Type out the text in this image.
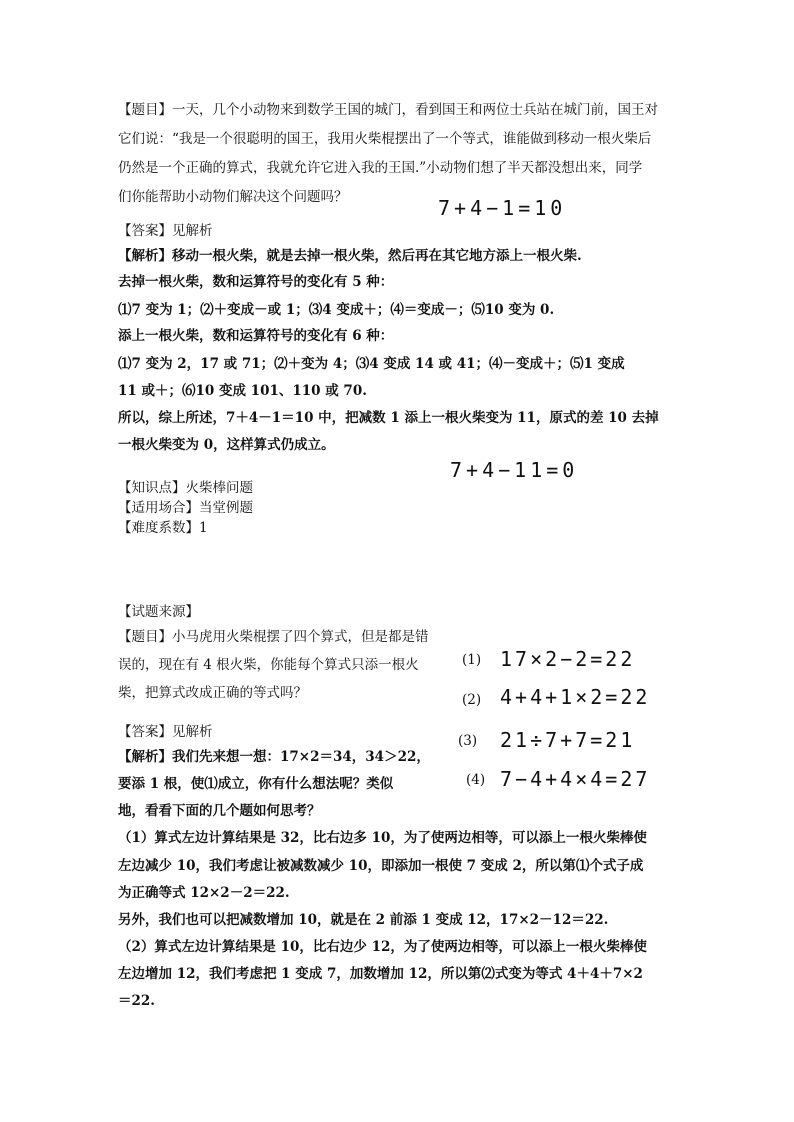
【题目】一天，几个小动物来到数学王国的城门，看到国王和两位士兵站在城门前，国王对
它们说：“我是一个很聪明的国王，我用火柴棍摆出了一个等式，谁能做到移动一根火柴后
仍然是一个正确的算式，我就允许它进入我的王国.”小动物们想了半天都没想出来，同学
们你能帮助小动物们解决这个问题吗？	7+4−1=10
【答案】见解析
【解析】移动一根火柴，就是去掉一根火柴，然后再在其它地方添上一根火柴.
去掉一根火柴，数和运算符号的变化有 5 种：
⑴7 变为 1；⑵＋变成－或 1；⑶4 变成＋；⑷＝变成－；⑸10 变为 0.
添上一根火柴，数和运算符号的变化有 6 种：
⑴7 变为 2，17 或 71；⑵＋变为 4；⑶4 变成 14 或 41；⑷－变成＋；⑸1 变成
11 或＋；⑹10 变成 101、110 或 70.
所以，综上所述，7＋4－1＝10 中，把减数 1 添上一根火柴变为 11，原式的差 10 去掉
一根火柴变为 0，这样算式仍成立。
7+4−11=0
【知识点】火柴棒问题
【适用场合】当堂例题
【难度系数】1
【试题来源】
【题目】小马虎用火柴棍摆了四个算式，但是都是错
误的，现在有 4 根火柴，你能每个算式只添一根火
柴，把算式改成正确的等式吗？
(1) 17×2−2=22
(2) 4+4+1×2=22
(3) 21÷7+7=21
(4) 7−4+4×4=27
【答案】见解析
【解析】我们先来想一想：17×2＝34，34＞22，
要添 1 根，使⑴成立，你有什么想法呢？类似
地，看看下面的几个题如何思考？
（1）算式左边计算结果是 32，比右边多 10，为了使两边相等，可以添上一根火柴棒使
左边减少 10，我们考虑让被减数减少 10，即添加一根使 7 变成 2，所以第⑴个式子成
为正确等式 12×2－2＝22.
另外，我们也可以把减数增加 10，就是在 2 前添 1 变成 12，17×2－12＝22.
（2）算式左边计算结果是 10，比右边少 12，为了使两边相等，可以添上一根火柴棒使
左边增加 12，我们考虑把 1 变成 7，加数增加 12，所以第⑵式变为等式 4＋4＋7×2
＝22.
